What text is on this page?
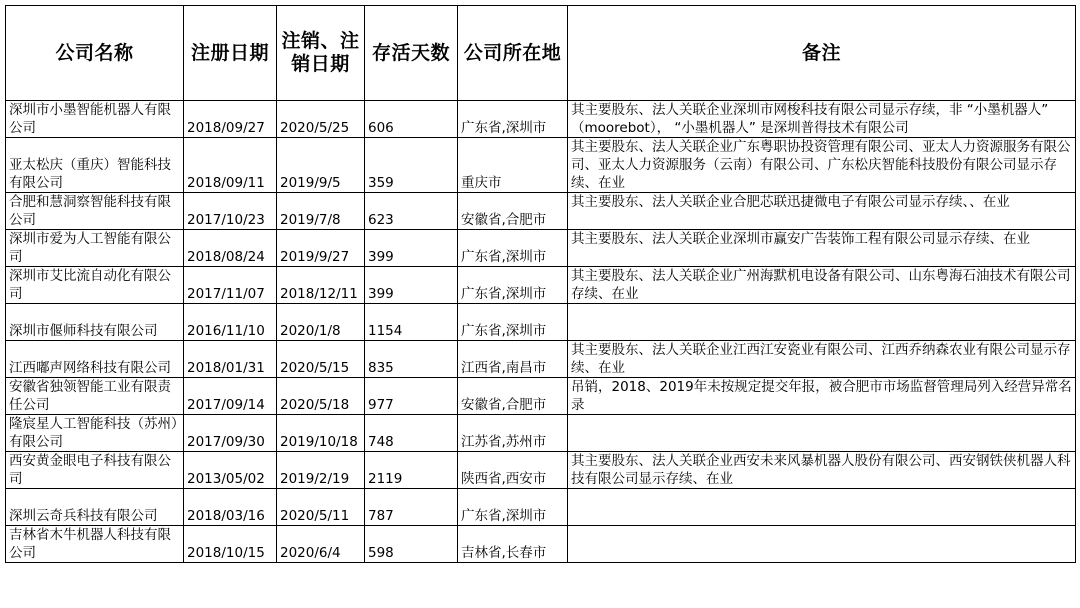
公司名称	注册日期	注销、注销日期	存活天数	公司所在地	备注
深圳市小墨智能机器人有限公司	2018/09/27	2020/5/25	606	广东省,深圳市	其主要股东、法人关联企业深圳市网梭科技有限公司显示存续，非 “小墨机器人” （moorebot）， “小墨机器人” 是深圳普得技术有限公司
亚太松庆（重庆）智能科技有限公司	2018/09/11	2019/9/5	359	重庆市	其主要股东、法人关联企业广东粤职协投资管理有限公司、亚太人力资源服务有限公司、亚太人力资源服务（云南）有限公司、广东松庆智能科技股份有限公司显示存续、在业
合肥和慧洞察智能科技有限公司	2017/10/23	2019/7/8	623	安徽省,合肥市	其主要股东、法人关联企业合肥芯联迅捷微电子有限公司显示存续、、在业
深圳市爱为人工智能有限公司	2018/08/24	2019/9/27	399	广东省,深圳市	其主要股东、法人关联企业深圳市赢安广告装饰工程有限公司显示存续、在业
深圳市艾比流自动化有限公司	2017/11/07	2018/12/11	399	广东省,深圳市	其主要股东、法人关联企业广州海默机电设备有限公司、山东粤海石油技术有限公司存续、在业
深圳市偃师科技有限公司	2016/11/10	2020/1/8	1154	广东省,深圳市	
江西嘟声网络科技有限公司	2018/01/31	2020/5/15	835	江西省,南昌市	其主要股东、法人关联企业江西江安瓷业有限公司、江西乔纳森农业有限公司显示存续、在业
安徽省独领智能工业有限责任公司	2017/09/14	2020/5/18	977	安徽省,合肥市	吊销，2018、2019年未按规定提交年报，被合肥市市场监督管理局列入经营异常名录
隆宸星人工智能科技（苏州）有限公司	2017/09/30	2019/10/18	748	江苏省,苏州市	
西安黄金眼电子科技有限公司	2013/05/02	2019/2/19	2119	陕西省,西安市	其主要股东、法人关联企业西安未来风暴机器人股份有限公司、西安钢铁侠机器人科技有限公司显示存续、在业
深圳云奇兵科技有限公司	2018/03/16	2020/5/11	787	广东省,深圳市	
吉林省木牛机器人科技有限公司	2018/10/15	2020/6/4	598	吉林省,长春市	
